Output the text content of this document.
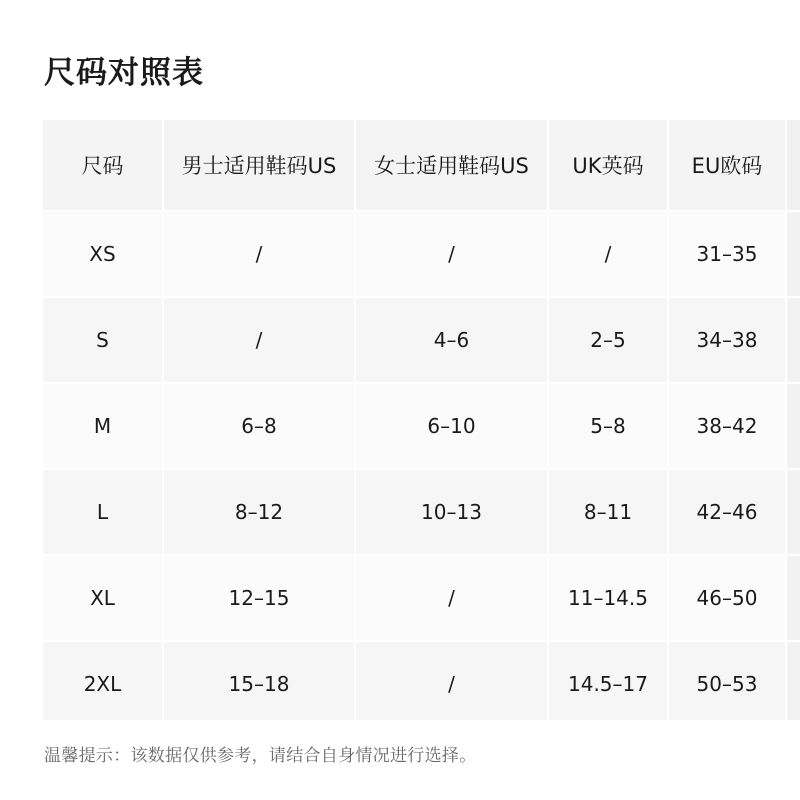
尺码对照表
尺码	男士适用鞋码US	女士适用鞋码US	UK英码	EU欧码	
XS	/	/	/	31–35	
S	/	4–6	2–5	34–38	
M	6–8	6–10	5–8	38–42	
L	8–12	10–13	8–11	42–46	
XL	12–15	/	11–14.5	46–50	
2XL	15–18	/	14.5–17	50–53	
温馨提示：该数据仅供参考，请结合自身情况进行选择。
